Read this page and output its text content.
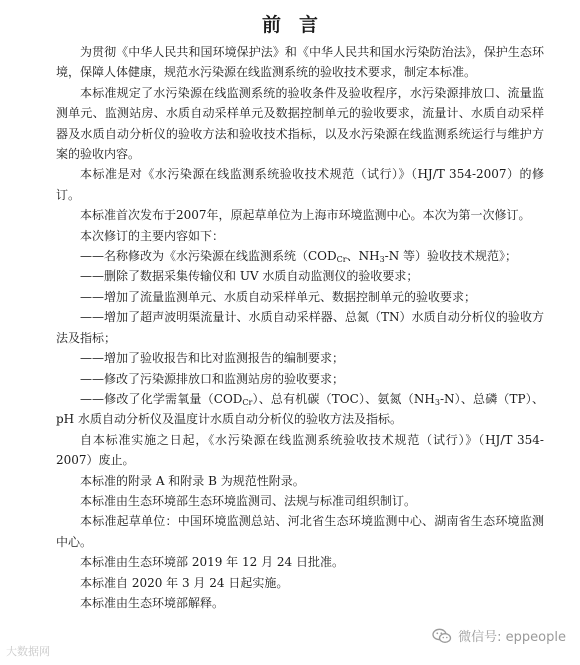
前言

为贯彻《中华人民共和国环境保护法》和《中华人民共和国水污染防治法》，保护生态环境，保障人体健康，规范水污染源在线监测系统的验收技术要求，制定本标准。

本标准规定了水污染源在线监测系统的验收条件及验收程序，水污染源排放口、流量监测单元、监测站房、水质自动采样单元及数据控制单元的验收要求，流量计、水质自动采样器及水质自动分析仪的验收方法和验收技术指标，以及水污染源在线监测系统运行与维护方案的验收内容。

本标准是对《水污染源在线监测系统验收技术规范（试行）》（HJ/T 354-2007）的修订。

本标准首次发布于2007年，原起草单位为上海市环境监测中心。本次为第一次修订。

本次修订的主要内容如下：

——名称修改为《水污染源在线监测系统（$COD_{Cr}$、$NH_3-N$ 等）验收技术规范》；

——删除了数据采集传输仪和 UV 水质自动监测仪的验收要求；

——增加了流量监测单元、水质自动采样单元、数据控制单元的验收要求；

——增加了超声波明渠流量计、水质自动采样器、总氮（TN）水质自动分析仪的验收方法及指标；

——增加了验收报告和比对监测报告的编制要求；

——修改了污染源排放口和监测站房的验收要求；

——修改了化学需氧量$(COD_{Cr})$、总有机碳（TOC）、氨氮$(NH_3-N)$、总磷（TP）、pH 水质自动分析仪及温度计水质自动分析仪的验收方法及指标。

自本标准实施之日起，《水污染源在线监测系统验收技术规范（试行）》（HJ/T 354-2007）废止。

本标准的附录 A 和附录 B 为规范性附录。

本标准由生态环境部生态环境监测司、法规与标准司组织制订。

本标准起草单位：中国环境监测总站、河北省生态环境监测中心、湖南省生态环境监测中心。

本标准由生态环境部 2019 年 12 月 24 日批准。

本标准自 2020 年 3 月 24 日起实施。

本标准由生态环境部解释。

大数据网
微信号: eppeople
